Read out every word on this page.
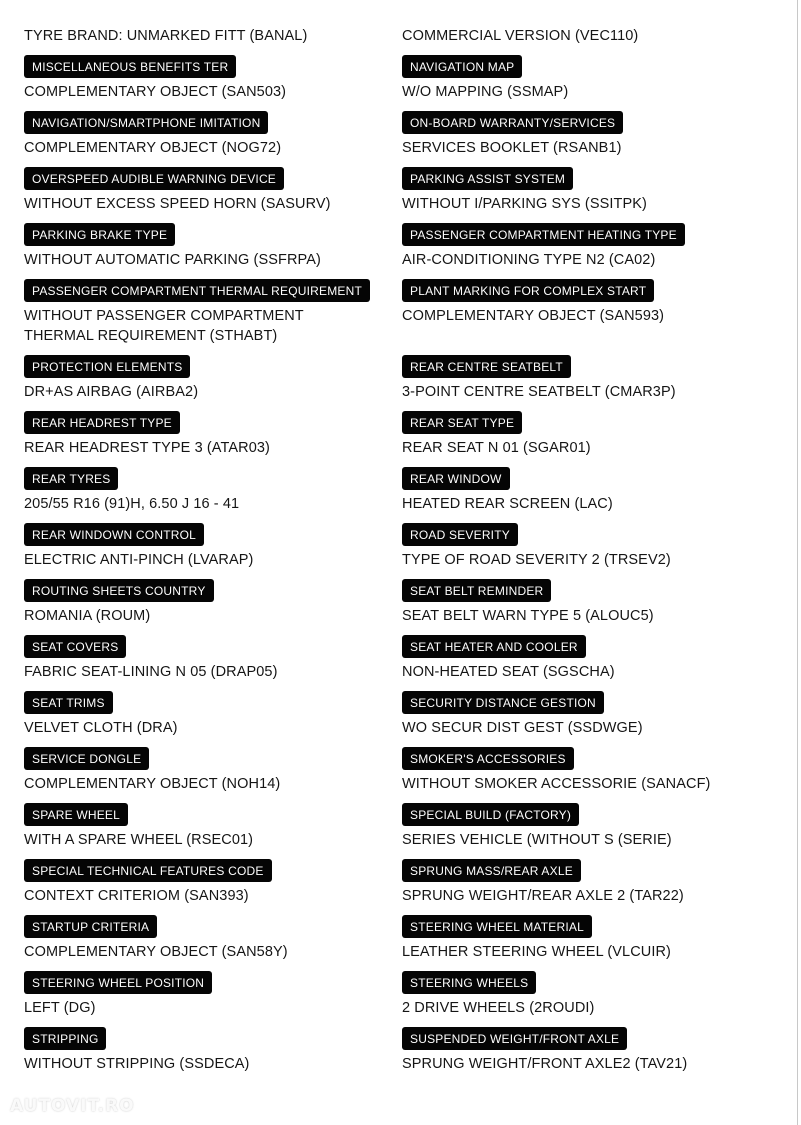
TYRE BRAND: UNMARKED FITT (BANAL)
MISCELLANEOUS BENEFITS TER
COMPLEMENTARY OBJECT (SAN503)
NAVIGATION/SMARTPHONE IMITATION
COMPLEMENTARY OBJECT (NOG72)
OVERSPEED AUDIBLE WARNING DEVICE
WITHOUT EXCESS SPEED HORN (SASURV)
PARKING BRAKE TYPE
WITHOUT AUTOMATIC PARKING (SSFRPA)
PASSENGER COMPARTMENT THERMAL REQUIREMENT
WITHOUT PASSENGER COMPARTMENT THERMAL REQUIREMENT (STHABT)
PROTECTION ELEMENTS
DR+AS AIRBAG (AIRBA2)
REAR HEADREST TYPE
REAR HEADREST TYPE 3 (ATAR03)
REAR TYRES
205/55 R16 (91)H, 6.50 J 16 - 41
REAR WINDOWN CONTROL
ELECTRIC ANTI-PINCH (LVARAP)
ROUTING SHEETS COUNTRY
ROMANIA (ROUM)
SEAT COVERS
FABRIC SEAT-LINING N 05 (DRAP05)
SEAT TRIMS
VELVET CLOTH (DRA)
SERVICE DONGLE
COMPLEMENTARY OBJECT (NOH14)
SPARE WHEEL
WITH A SPARE WHEEL (RSEC01)
SPECIAL TECHNICAL FEATURES CODE
CONTEXT CRITERIOM (SAN393)
STARTUP CRITERIA
COMPLEMENTARY OBJECT (SAN58Y)
STEERING WHEEL POSITION
LEFT (DG)
STRIPPING
WITHOUT STRIPPING (SSDECA)
COMMERCIAL VERSION (VEC110)
NAVIGATION MAP
W/O MAPPING (SSMAP)
ON-BOARD WARRANTY/SERVICES
SERVICES BOOKLET (RSANB1)
PARKING ASSIST SYSTEM
WITHOUT I/PARKING SYS (SSITPK)
PASSENGER COMPARTMENT HEATING TYPE
AIR-CONDITIONING TYPE N2 (CA02)
PLANT MARKING FOR COMPLEX START
COMPLEMENTARY OBJECT (SAN593)
REAR CENTRE SEATBELT
3-POINT CENTRE SEATBELT (CMAR3P)
REAR SEAT TYPE
REAR SEAT N 01 (SGAR01)
REAR WINDOW
HEATED REAR SCREEN (LAC)
ROAD SEVERITY
TYPE OF ROAD SEVERITY 2 (TRSEV2)
SEAT BELT REMINDER
SEAT BELT WARN TYPE 5 (ALOUC5)
SEAT HEATER AND COOLER
NON-HEATED SEAT (SGSCHA)
SECURITY DISTANCE GESTION
WO SECUR DIST GEST (SSDWGE)
SMOKER'S ACCESSORIES
WITHOUT SMOKER ACCESSORIE (SANACF)
SPECIAL BUILD (FACTORY)
SERIES VEHICLE (WITHOUT S (SERIE)
SPRUNG MASS/REAR AXLE
SPRUNG WEIGHT/REAR AXLE 2 (TAR22)
STEERING WHEEL MATERIAL
LEATHER STEERING WHEEL (VLCUIR)
STEERING WHEELS
2 DRIVE WHEELS (2ROUDI)
SUSPENDED WEIGHT/FRONT AXLE
SPRUNG WEIGHT/FRONT AXLE2 (TAV21)
AUTOVIT.RO
